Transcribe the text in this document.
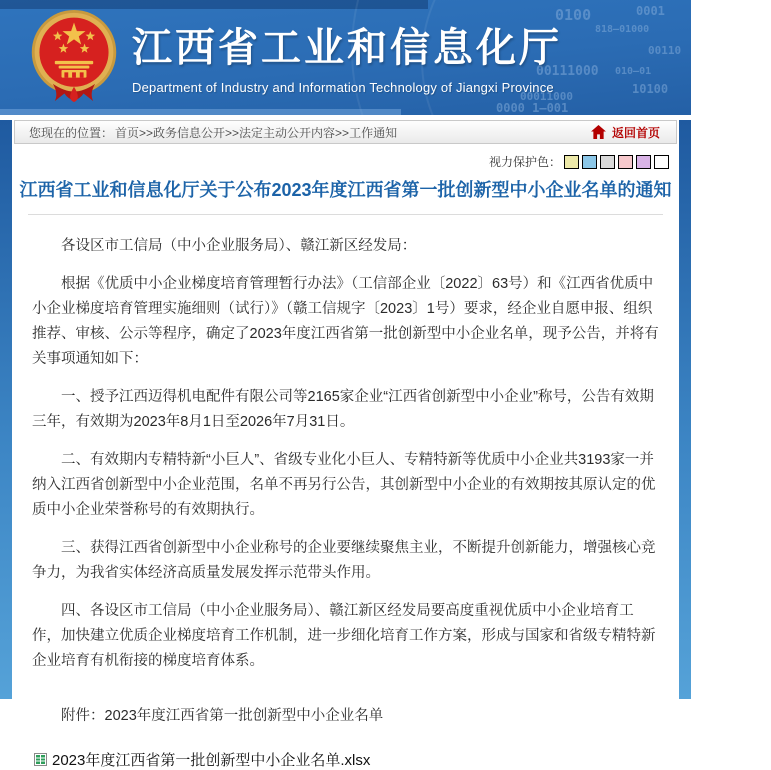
0100	0001
818—01000
00110
00111000 010—01
10100
00011000
0000 1—001
江西省工业和信息化厅
Department of Industry and Information Technology of Jiangxi Province
您现在的位置： 首页>>政务信息公开>>法定主动公开内容>>工作通知	返回首页
视力保护色：
江西省工业和信息化厅关于公布2023年度江西省第一批创新型中小企业名单的通知

各设区市工信局（中小企业服务局）、赣江新区经发局：

根据《优质中小企业梯度培育管理暂行办法》（工信部企业〔2022〕63号）和《江西省优质中小企业梯度培育管理实施细则（试行）》（赣工信规字〔2023〕1号）要求，经企业自愿申报、组织推荐、审核、公示等程序，确定了2023年度江西省第一批创新型中小企业名单，现予公告，并将有关事项通知如下：

一、授予江西迈得机电配件有限公司等2165家企业“江西省创新型中小企业”称号，公告有效期三年，有效期为2023年8月1日至2026年7月31日。

二、有效期内专精特新“小巨人”、省级专业化小巨人、专精特新等优质中小企业共3193家一并纳入江西省创新型中小企业范围，名单不再另行公告，其创新型中小企业的有效期按其原认定的优质中小企业荣誉称号的有效期执行。

三、获得江西省创新型中小企业称号的企业要继续聚焦主业，不断提升创新能力，增强核心竞争力，为我省实体经济高质量发展发挥示范带头作用。

四、各设区市工信局（中小企业服务局）、赣江新区经发局要高度重视优质中小企业培育工作，加快建立优质企业梯度培育工作机制，进一步细化培育工作方案，形成与国家和省级专精特新企业培育有机衔接的梯度培育体系。

附件：2023年度江西省第一批创新型中小企业名单

2023年度江西省第一批创新型中小企业名单.xlsx
